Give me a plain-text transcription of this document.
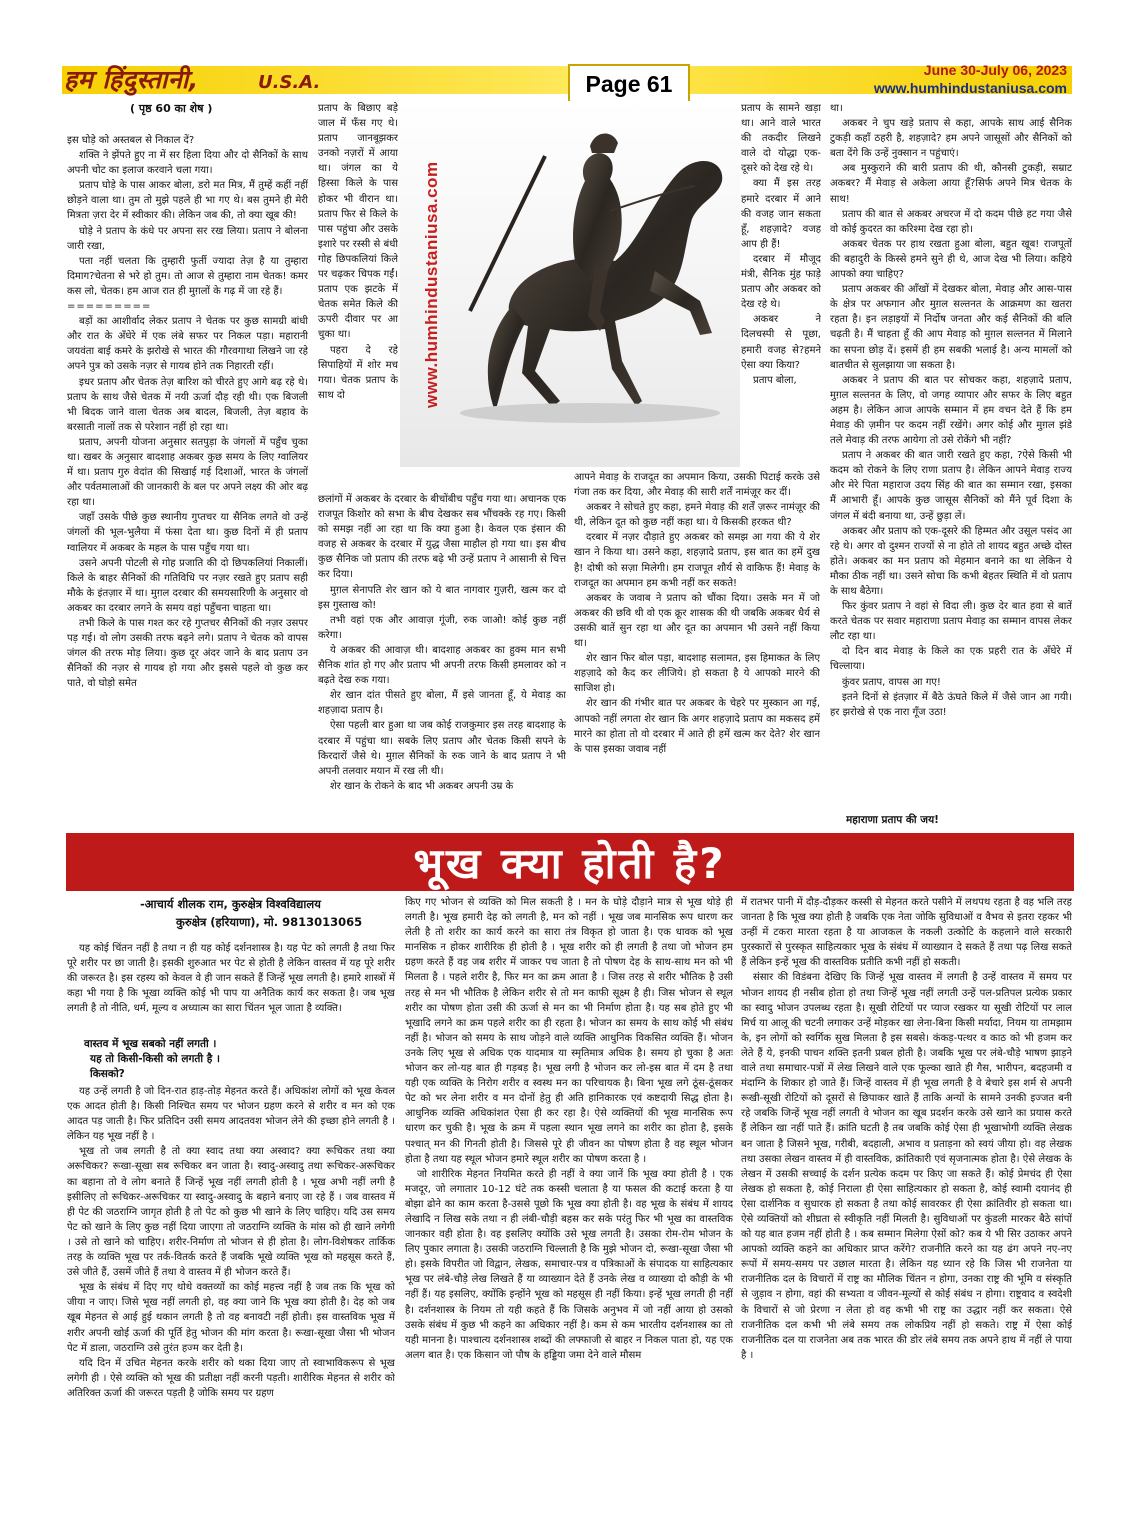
हम हिंदुस्तानी,	U.S.A.	Page 61
June 30-July 06, 2023
www.humhindustaniusa.com
( पृष्ठ 60 का शेष )

इस घोड़े को अस्तबल से निकाल दें?

शक्ति ने झेंपते हुए ना में सर हिला दिया और दो सैनिकों के साथ अपनी चोट का इलाज करवाने चला गया।

प्रताप घोड़े के पास आकर बोला, डरो मत मित्र, मैं तुम्हें कहीं नहीं छोड़ने वाला था। तुम तो मुझे पहले ही भा गए थे। बस तुमने ही मेरी मित्रता ज़रा देर में स्वीकार की। लेकिन जब की, तो क्या खूब की!

घोड़े ने प्रताप के कंधे पर अपना सर रख लिया। प्रताप ने बोलना जारी रखा,

पता नहीं चलता कि तुम्हारी फुर्ती ज्यादा तेज़ है या तुम्हारा दिमाग?चेतना से भरे हो तुम। तो आज से तुम्हारा नाम चेतक! कमर कस लो, चेतक। हम आज रात ही मुग़लों के गढ़ में जा रहे हैं।

=========

बड़ों का आशीर्वाद लेकर प्रताप ने चेतक पर कुछ सामग्री बांधी और रात के अँधेरे में एक लंबे सफर पर निकल पड़ा। महारानी जयवंता बाई कमरे के झरोखे से भारत की गौरवगाथा लिखने जा रहे अपने पुत्र को उसके नज़र से गायब होने तक निहारती रहीं।

इधर प्रताप और चेतक तेज़ बारिश को चीरते हुए आगे बढ़ रहे थे। प्रताप के साथ जैसे चेतक में नयी ऊर्जा दौड़ रही थी। एक बिजली भी बिदक जाने वाला चेतक अब बादल, बिजली, तेज़ बहाव के बरसाती नालों तक से परेशान नहीं हो रहा था।

प्रताप, अपनी योजना अनुसार सतपुड़ा के जंगलों में पहुँच चुका था। खबर के अनुसार बादशाह अकबर कुछ समय के लिए ग्वालियर में था। प्रताप गुरु वेदांत की सिखाई गई दिशाओं, भारत के जंगलों और पर्वतमालाओं की जानकारी के बल पर अपने लक्ष्य की ओर बढ़ रहा था।

जहाँ उसके पीछे कुछ स्थानीय गुप्तचर या सैनिक लगते वो उन्हें जंगलों की भूल-भुलैया में फंसा देता था। कुछ दिनों में ही प्रताप ग्वालियर में अकबर के महल के पास पहुँच गया था।

उसने अपनी पोटली से गोह प्रजाति की दो छिपकलियां निकालीं। किले के बाहर सैनिकों की गतिविधि पर नज़र रखते हुए प्रताप सही मौके के इंतज़ार में था। मुग़ल दरबार की समयसारिणी के अनुसार वो अकबर का दरबार लगने के समय वहां पहुँचना चाहता था।

तभी किले के पास गश्त कर रहे गुप्तचर सैनिकों की नज़र उसपर पड़ गई। वो लोग उसकी तरफ बढ़ने लगे। प्रताप ने चेतक को वापस जंगल की तरफ मोड़ लिया। कुछ दूर अंदर जाने के बाद प्रताप उन सैनिकों की नज़र से गायब हो गया और इससे पहले वो कुछ कर पाते, वो घोड़ो समेत

प्रताप के बिछाए बड़े जाल में फँस गए थे। प्रताप जानबूझकर उनको नज़रों में आया था। जंगल का ये हिस्सा किले के पास होकर भी वीरान था। प्रताप फिर से किले के पास पहुंचा और उसके इशारे पर रस्सी से बंधी गोह छिपकलियां किले पर चढ़कर चिपक गईं। प्रताप एक झटके में चेतक समेत किले की ऊपरी दीवार पर आ चुका था।

पहरा दे रहे सिपाहियों में शोर मच गया। चेतक प्रताप के साथ दो	www.humhindustaniusa.com

प्रताप के सामने खड़ा था। आने वाले भारत की तकदीर लिखने वाले दो योद्धा एक-दूसरे को देख रहे थे।

क्या मैं इस तरह हमारे दरबार में आने की वजह जान सकता हूँ, शहज़ादे? वजह आप ही हैं!

दरबार में मौजूद मंत्री, सैनिक मुंह फाड़े प्रताप और अकबर को देख रहे थे।

अकबर ने दिलचस्पी से पूछा, हमारी वजह से?हमने ऐसा क्या किया?

प्रताप बोला,

छलांगों में अकबर के दरबार के बीचोंबीच पहुँच गया था। अचानक एक राजपूत किशोर को सभा के बीच देखकर सब भौंचक्के रह गए। किसी को समझ नहीं आ रहा था कि क्या हुआ है। केवल एक इंसान की वजह से अकबर के दरबार में युद्ध जैसा माहौल हो गया था। इस बीच कुछ सैनिक जो प्रताप की तरफ बढ़े भी उन्हें प्रताप ने आसानी से चित्त कर दिया।

मुग़ल सेनापति शेर खान को ये बात नागवार गुज़री, खत्म कर दो इस गुस्ताख को!

तभी वहां एक और आवाज़ गूंजी, रुक जाओ! कोई कुछ नहीं करेगा।

ये अकबर की आवाज़ थी। बादशाह अकबर का हुक्म मान सभी सैनिक शांत हो गए और प्रताप भी अपनी तरफ किसी हमलावर को न बढ़ते देख रुक गया।

शेर खान दांत पीसते हुए बोला, मैं इसे जानता हूँ, ये मेवाड़ का शहज़ादा प्रताप है।

ऐसा पहली बार हुआ था जब कोई राजकुमार इस तरह बादशाह के दरबार में पहुंचा था। सबके लिए प्रताप और चेतक किसी सपने के किरदारों जैसे थे। मुग़ल सैनिकों के रुक जाने के बाद प्रताप ने भी अपनी तलवार मयान में रख ली थी।

शेर खान के रोकने के बाद भी अकबर अपनी उम्र के

आपने मेवाड़ के राजदूत का अपमान किया, उसकी पिटाई करके उसे गंजा तक कर दिया, और मेवाड़ की सारी शर्तें नामंज़ूर कर दीं।

अकबर ने सोचते हुए कहा, हमने मेवाड़ की शर्तें ज़रूर नामंज़ूर की थी, लेकिन दूत को कुछ नहीं कहा था। ये किसकी हरकत थी?

दरबार में नज़र दौड़ाते हुए अकबर को समझ आ गया की ये शेर खान ने किया था। उसने कहा, शहज़ादे प्रताप, इस बात का हमें दुख है! दोषी को सज़ा मिलेगी। हम राजपूत शौर्य से वाकिफ हैं! मेवाड़ के राजदूत का अपमान हम कभी नहीं कर सकते!

अकबर के जवाब ने प्रताप को चौंका दिया। उसके मन में जो अकबर की छवि थी वो एक क्रूर शासक की थी जबकि अकबर धैर्य से उसकी बातें सुन रहा था और दूत का अपमान भी उसने नहीं किया था।

शेर खान फिर बोल पड़ा, बादशाह सलामत, इस हिमाकत के लिए शहज़ादे को कैद कर लीजिये। हो सकता है ये आपको मारने की साजिश हो।

शेर खान की गंभीर बात पर अकबर के चेहरे पर मुस्कान आ गई, आपको नहीं लगता शेर खान कि अगर शहज़ादे प्रताप का मकसद हमें मारने का होता तो वो दरबार में आते ही हमें खत्म कर देते? शेर खान के पास इसका जवाब नहीं

था।

अकबर ने चुप खड़े प्रताप से कहा, आपके साथ आई सैनिक टुकड़ी कहाँ ठहरी है, शहज़ादे? हम अपने जासूसों और सैनिकों को बता देंगे कि उन्हें नुक्सान न पहुंचाएं।

अब मुस्कुराने की बारी प्रताप की थी, कौनसी टुकड़ी, सम्राट अकबर? मैं मेवाड़ से अकेला आया हूँ?सिर्फ अपने मित्र चेतक के साथ!

प्रताप की बात से अकबर अचरज में दो कदम पीछे हट गया जैसे वो कोई कुदरत का करिश्मा देख रहा हो।

अकबर चेतक पर हाथ रखता हुआ बोला, बहुत खूब! राजपूतों की बहादुरी के किस्से हमने सुने ही थे, आज देख भी लिया। कहिये आपको क्या चाहिए?

प्रताप अकबर की आँखों में देखकर बोला, मेवाड़ और आस-पास के क्षेत्र पर अफगान और मुग़ल सल्तनत के आक्रमण का खतरा रहता है। इन लड़ाइयों में निर्दोष जनता और कई सैनिकों की बलि चढ़ती है। मैं चाहता हूँ की आप मेवाड़ को मुग़ल सल्तनत में मिलाने का सपना छोड़ दें। इसमें ही हम सबकी भलाई है। अन्य मामलों को बातचीत से सुलझाया जा सकता है।

अकबर ने प्रताप की बात पर सोचकर कहा, शहज़ादे प्रताप, मुग़ल सल्तनत के लिए, वो जगह व्यापार और सफर के लिए बहुत अहम है। लेकिन आज आपके सम्मान में हम वचन देते हैं कि हम मेवाड़ की ज़मीन पर कदम नहीं रखेंगे। अगर कोई और मुग़ल झंडे तले मेवाड़ की तरफ आयेगा तो उसे रोकेंगे भी नहीं?

प्रताप ने अकबर की बात जारी रखते हुए कहा, ?ऐसे किसी भी कदम को रोकने के लिए राणा प्रताप है। लेकिन आपने मेवाड़ राज्य और मेरे पिता महाराज उदय सिंह की बात का सम्मान रखा, इसका मैं आभारी हूँ। आपके कुछ जासूस सैनिकों को मैंने पूर्व दिशा के जंगल में बंदी बनाया था, उन्हें छुड़ा लें।

अकबर और प्रताप को एक-दूसरे की हिम्मत और उसूल पसंद आ रहे थे। अगर वो दुश्मन राज्यों से ना होते तो शायद बहुत अच्छे दोस्त होते। अकबर का मन प्रताप को मेहमान बनाने का था लेकिन ये मौका ठीक नहीं था। उसने सोचा कि कभी बेहतर स्थिति में वो प्रताप के साथ बैठेगा।

फिर कुंवर प्रताप ने वहां से विदा ली। कुछ देर बात हवा से बातें करते चेतक पर सवार महाराणा प्रताप मेवाड़ का सम्मान वापस लेकर लौट रहा था।

दो दिन बाद मेवाड़ के किले का एक प्रहरी रात के अँधेरे में चिल्लाया।

कुंवर प्रताप, वापस आ गए!

इतने दिनों से इंतज़ार में बैठे ऊंघते किले में जैसे जान आ गयी। हर झरोखे से एक नारा गूँज उठा!

महाराणा प्रताप की जय!
भूख क्या होती है?
-आचार्य शीलक राम, कुरुक्षेत्र विश्वविद्यालय
कुरुक्षेत्र (हरियाणा), मो. 9813013065

यह कोई चिंतन नहीं है तथा न ही यह कोई दर्शनशास्त्र है। यह पेट को लगती है तथा फिर पूरे शरीर पर छा जाती है। इसकी शुरुआत भर पेट से होती है लेकिन वास्तव में यह पूरे शरीर की जरूरत है। इस रहस्य को केवल वे ही जान सकते हैं जिन्हें भूख लगती है। हमारे शास्त्रों में कहा भी गया है कि भूखा व्यक्ति कोई भी पाप या अनैतिक कार्य कर सकता है। जब भूख लगती है तो नीति, धर्म, मूल्य व अध्यात्म का सारा चिंतन भूल जाता है व्यक्ति।

वास्तव में भूख सबको नहीं लगती ।
यह तो किसी-किसी को लगती है ।
किसको?

यह उन्हें लगती है जो दिन-रात हाड़-तोड़ मेहनत करते हैं। अधिकांश लोगों को भूख केवल एक आदत होती है। किसी निश्चित समय पर भोजन ग्रहण करने से शरीर व मन को एक आदत पड़ जाती है। फिर प्रतिदिन उसी समय आदतवश भोजन लेने की इच्छा होने लगती है । लेकिन यह भूख नहीं है ।

भूख तो जब लगती है तो क्या स्वाद तथा क्या अस्वाद? क्या रूचिकर तथा क्या अरूचिकर? रूखा-सूखा सब रूचिकर बन जाता है। स्वादु-अस्वादु तथा रूचिकर-अरूचिकर का बहाना तो वे लोग बनाते हैं जिन्हें भूख नहीं लगती होती है । भूख अभी नहीं लगी है इसीलिए तो रूचिकर-अरूचिकर या स्वादु-अस्वादु के बहाने बनाए जा रहे हैं । जब वास्तव में ही पेट की जठराग्नि जागृत होती है तो पेट को कुछ भी खाने के लिए चाहिए। यदि उस समय पेट को खाने के लिए कुछ नहीं दिया जाएगा तो जठराग्नि व्यक्ति के मांस को ही खाने लगेगी । उसे तो खाने को चाहिए। शरीर-निर्माण तो भोजन से ही होता है। लोग-विशेषकर तार्किक तरह के व्यक्ति भूख पर तर्क-वितर्क करते हैं जबकि भूखे व्यक्ति भूख को महसूस करते हैं, उसे जीते हैं, उसमें जीते हैं तथा वे वास्तव में ही भोजन करते हैं।

भूख के संबंध में दिए गए थोथे वक्तव्यों का कोई महत्त्व नहीं है जब तक कि भूख को जीया न जाए। जिसे भूख नहीं लगती हो, वह क्या जाने कि भूख क्या होती है। देह को जब खूब मेहनत से आई हुई थकान लगती है तो वह बनावटी नहीं होती। इस वास्तविक भूख में शरीर अपनी खोई ऊर्जा की पूर्ति हेतु भोजन की मांग करता है। रूखा-सूखा जैसा भी भोजन पेट में डाला, जठराग्नि उसे तुरंत हज्म कर देती है।

यदि दिन में उचित मेहनत करके शरीर को थका दिया जाए तो स्वाभाविकरूप से भूख लगेगी ही । ऐसे व्यक्ति को भूख की प्रतीक्षा नहीं करनी पड़ती। शारीरिक मेहनत से शरीर को अतिरिक्त ऊर्जा की जरूरत पड़ती है जोकि समय पर ग्रहण

किए गए भोजन से व्यक्ति को मिल सकती है । मन के घोड़े दौड़ाने मात्र से भूख थोड़े ही लगती है। भूख हमारी देह को लगती है, मन को नहीं । भूख जब मानसिक रूप धारण कर लेती है तो शरीर का कार्य करने का सारा तंत्र विकृत हो जाता है। एक धावक को भूख मानसिक न होकर शारीरिक ही होती है । भूख शरीर को ही लगती है तथा जो भोजन हम ग्रहण करते हैं वह जब शरीर में जाकर पच जाता है तो पोषण देह के साथ-साथ मन को भी मिलता है । पहले शरीर है, फिर मन का क्रम आता है । जिस तरह से शरीर भौतिक है उसी तरह से मन भी भौतिक है लेकिन शरीर से तो मन काफी सूक्ष्म है ही। जिस भोजन से स्थूल शरीर का पोषण होता उसी की ऊर्जा से मन का भी निर्माण होता है। यह सब होते हुए भी भूखादि लगने का क्रम पहले शरीर का ही रहता है। भोजन का समय के साथ कोई भी संबंध नहीं है। भोजन को समय के साथ जोड़ने वाले व्यक्ति आधुनिक विकसित व्यक्ति हैं। भोजन उनके लिए भूख से अधिक एक यादमात्र या स्मृतिमात्र अधिक है। समय हो चुका है अतः भोजन कर लो-यह बात ही गड़बड़ है। भूख लगी है भोजन कर लो-इस बात में दम है तथा यही एक व्यक्ति के निरोग शरीर व स्वस्थ मन का परिचायक है। बिना भूख लगे ठूंस-ठूंसकर पेट को भर लेना शरीर व मन दोनों हेतु ही अति हानिकारक एवं कष्टदायी सिद्ध होता है। आधुनिक व्यक्ति अधिकांशत ऐसा ही कर रहा है। ऐसे व्यक्तियों की भूख मानसिक रूप धारण कर चुकी है। भूख के क्रम में पहला स्थान भूख लगने का शरीर का होता है, इसके पश्चात् मन की गिनती होती है। जिससे पूरे ही जीवन का पोषण होता है वह स्थूल भोजन होता है तथा यह स्थूल भोजन हमारे स्थूल शरीर का पोषण करता है ।

जो शारीरिक मेहनत नियमित करते ही नहीं वे क्या जानें कि भूख क्या होती है । एक मजदूर, जो लगातार 10-12 घंटे तक कस्सी चलाता है या फसल की कटाई करता है या बोझा ढोने का काम करता है-उससे पूछो कि भूख क्या होती है। वह भूख के संबंध में शायद लेखादि न लिख सके तथा न ही लंबी-चौड़ी बहस कर सके परंतु फिर भी भूख का वास्तविक जानकार वही होता है। वह इसलिए क्योंकि उसे भूख लगती है। उसका रोम-रोम भोजन के लिए पुकार लगाता है। उसकी जठराग्नि चिल्लाती है कि मुझे भोजन दो, रूखा-सूखा जैसा भी हो। इसके विपरीत जो विद्वान, लेखक, समाचार-पत्र व पत्रिकाओं के संपादक या साहित्यकार भूख पर लंबे-चौड़े लेख लिखते हैं या व्याख्यान देते हैं उनके लेख व व्याख्या दो कौड़ी के भी नहीं हैं। यह इसलिए, क्योंकि इन्होंने भूख को महसूस ही नहीं किया। इन्हें भूख लगती ही नहीं है। दर्शनशास्त्र के नियम तो यही कहते हैं कि जिसके अनुभव में जो नहीं आया हो उसको उसके संबंध में कुछ भी कहने का अधिकार नहीं है। कम से कम भारतीय दर्शनशास्त्र का तो यही मानना है। पाश्चात्य दर्शनशास्त्र शब्दों की लफ्फाजी से बाहर न निकल पाता हो, यह एक अलग बात है। एक किसान जो पौष के हड्डिया जमा देने वाले मौसम

में रातभर पानी में दौड़-दौड़कर कस्सी से मेहनत करते पसीने में लथपथ रहता है वह भलि तरह जानता है कि भूख क्या होती है जबकि एक नेता जोकि सुविधाओं व वैभव से इतरा रहकर भी उन्हीं में टकरा मारता रहता है या आजकल के नकली उत्कोटि के कहलाने वाले सरकारी पुरस्कारों से पुरस्कृत साहित्यकार भूख के संबंध में व्याख्यान दे सकते हैं तथा पढ़ लिख सकते हैं लेकिन इन्हें भूख की वास्तविक प्रतीति कभी नहीं हो सकती।

संसार की विडंबना देखिए कि जिन्हें भूख वास्तव में लगती है उन्हें वास्तव में समय पर भोजन शायद ही नसीब होता हो तथा जिन्हें भूख नहीं लगती उन्हें पल-प्रतिपल प्रत्येक प्रकार का स्वादु भोजन उपलब्ध रहता है। सूखी रोटियों पर प्याज रखकर या सूखी रोटियों पर लाल मिर्च या आलू की चटनी लगाकर उन्हें मोड़कर खा लेना-बिना किसी मर्यादा, नियम या तामझाम के, इन लोगों को स्वर्गिक सुख मिलता है इस सबसे। कंकड़-पत्थर व काठ को भी हजम कर लेते हैं ये, इनकी पाचन शक्ति इतनी प्रबल होती है। जबकि भूख पर लंबे-चौड़े भाषण झाड़ने वाले तथा समाचार-पत्रों में लेख लिखने वाले एक फूल्का खाते ही गैस, भारीपन, बदहजमी व मंदाग्नि के शिकार हो जाते हैं। जिन्हें वास्तव में ही भूख लगती है वे बेचारे इस शर्म से अपनी रूखी-सूखी रोटियों को दूसरों से छिपाकर खाते हैं ताकि अन्यों के सामने उनकी इज्जत बनी रहे जबकि जिन्हें भूख नहीं लगती वे भोजन का खूब प्रदर्शन करके उसे खाने का प्रयास करते हैं लेकिन खा नहीं पाते हैं। क्रांति घटती है तब जबकि कोई ऐसा ही भूखाभोगी व्यक्ति लेखक बन जाता है जिसने भूख, गरीबी, बदहाली, अभाव व प्रताड़ना को स्वयं जीया हो। वह लेखक तथा उसका लेखन वास्तव में ही वास्तविक, क्रांतिकारी एवं सृजनात्मक होता है। ऐसे लेखक के लेखन में उसकी सच्चाई के दर्शन प्रत्येक कदम पर किए जा सकते हैं। कोई प्रेमचंद ही ऐसा लेखक हो सकता है, कोई निराला ही ऐसा साहित्यकार हो सकता है, कोई स्वामी दयानंद ही ऐसा दार्शनिक व सुधारक हो सकता है तथा कोई सावरकर ही ऐसा क्रांतिवीर हो सकता था। ऐसे व्यक्तियों को शीघ्रता से स्वीकृति नहीं मिलती है। सुविधाओं पर कुंडली मारकर बैठे सांपों को यह बात हजम नहीं होती है । कब सम्मान मिलेगा ऐसों को? कब ये भी सिर उठाकर अपने आपको व्यक्ति कहने का अधिकार प्राप्त करेंगे? राजनीति करने का यह ढंग अपने नए-नए रूपों में समय-समय पर उछाल मारता है। लेकिन यह ध्यान रहे कि जिस भी राजनेता या राजनीतिक दल के विचारों में राष्ट्र का मौलिक चिंतन न होगा, उनका राष्ट्र की भूमि व संस्कृति से जुड़ाव न होगा, वहां की सभ्यता व जीवन-मूल्यों से कोई संबंध न होगा। राष्ट्रवाद व स्वदेशी के विचारों से जो प्रेरणा न लेता हो वह कभी भी राष्ट्र का उद्धार नहीं कर सकता। ऐसे राजनीतिक दल कभी भी लंबे समय तक लोकप्रिय नहीं हो सकते। राष्ट्र में ऐसा कोई राजनीतिक दल या राजनेता अब तक भारत की डोर लंबे समय तक अपने हाथ में नहीं ले पाया है ।
